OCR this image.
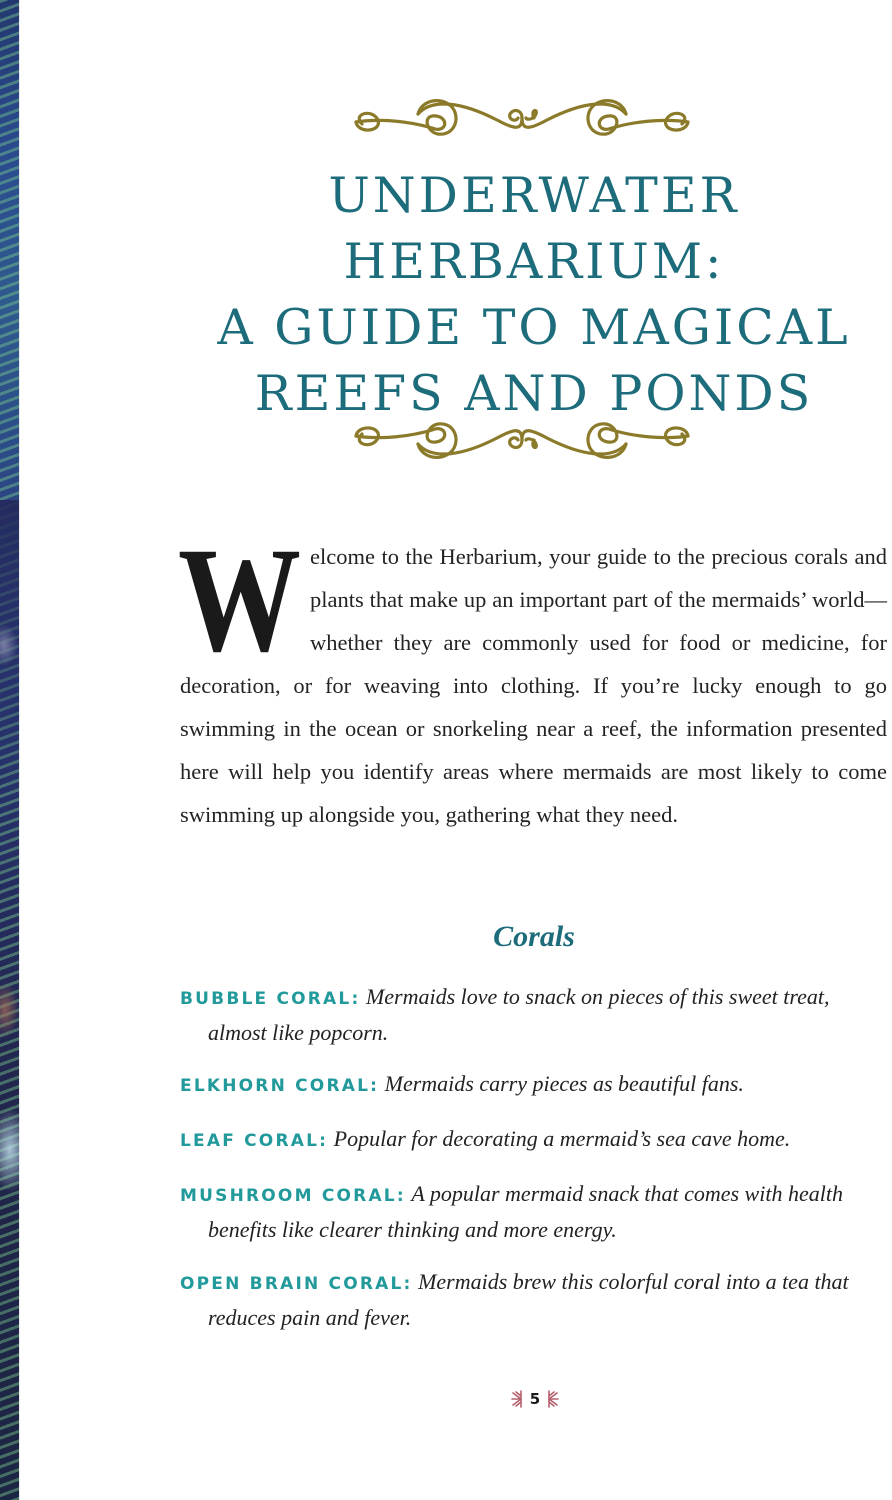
UNDERWATER
HERBARIUM:
A GUIDE TO MAGICAL
REEFS AND PONDS

Welcome to the Herbarium, your guide to the precious corals and plants that make up an important part of the mermaids’ world—whether they are commonly used for food or medicine, for decoration, or for weaving into clothing. If you’re lucky enough to go swimming in the ocean or snorkeling near a reef, the information presented here will help you identify areas where mermaids are most likely to come swimming up alongside you, gathering what they need.

Corals
BUBBLE CORAL: Mermaids love to snack on pieces of this sweet treat, almost like popcorn.
ELKHORN CORAL: Mermaids carry pieces as beautiful fans.
LEAF CORAL: Popular for decorating a mermaid’s sea cave home.
MUSHROOM CORAL: A popular mermaid snack that comes with health benefits like clearer thinking and more energy.
OPEN BRAIN CORAL: Mermaids brew this colorful coral into a tea that reduces pain and fever.
5
